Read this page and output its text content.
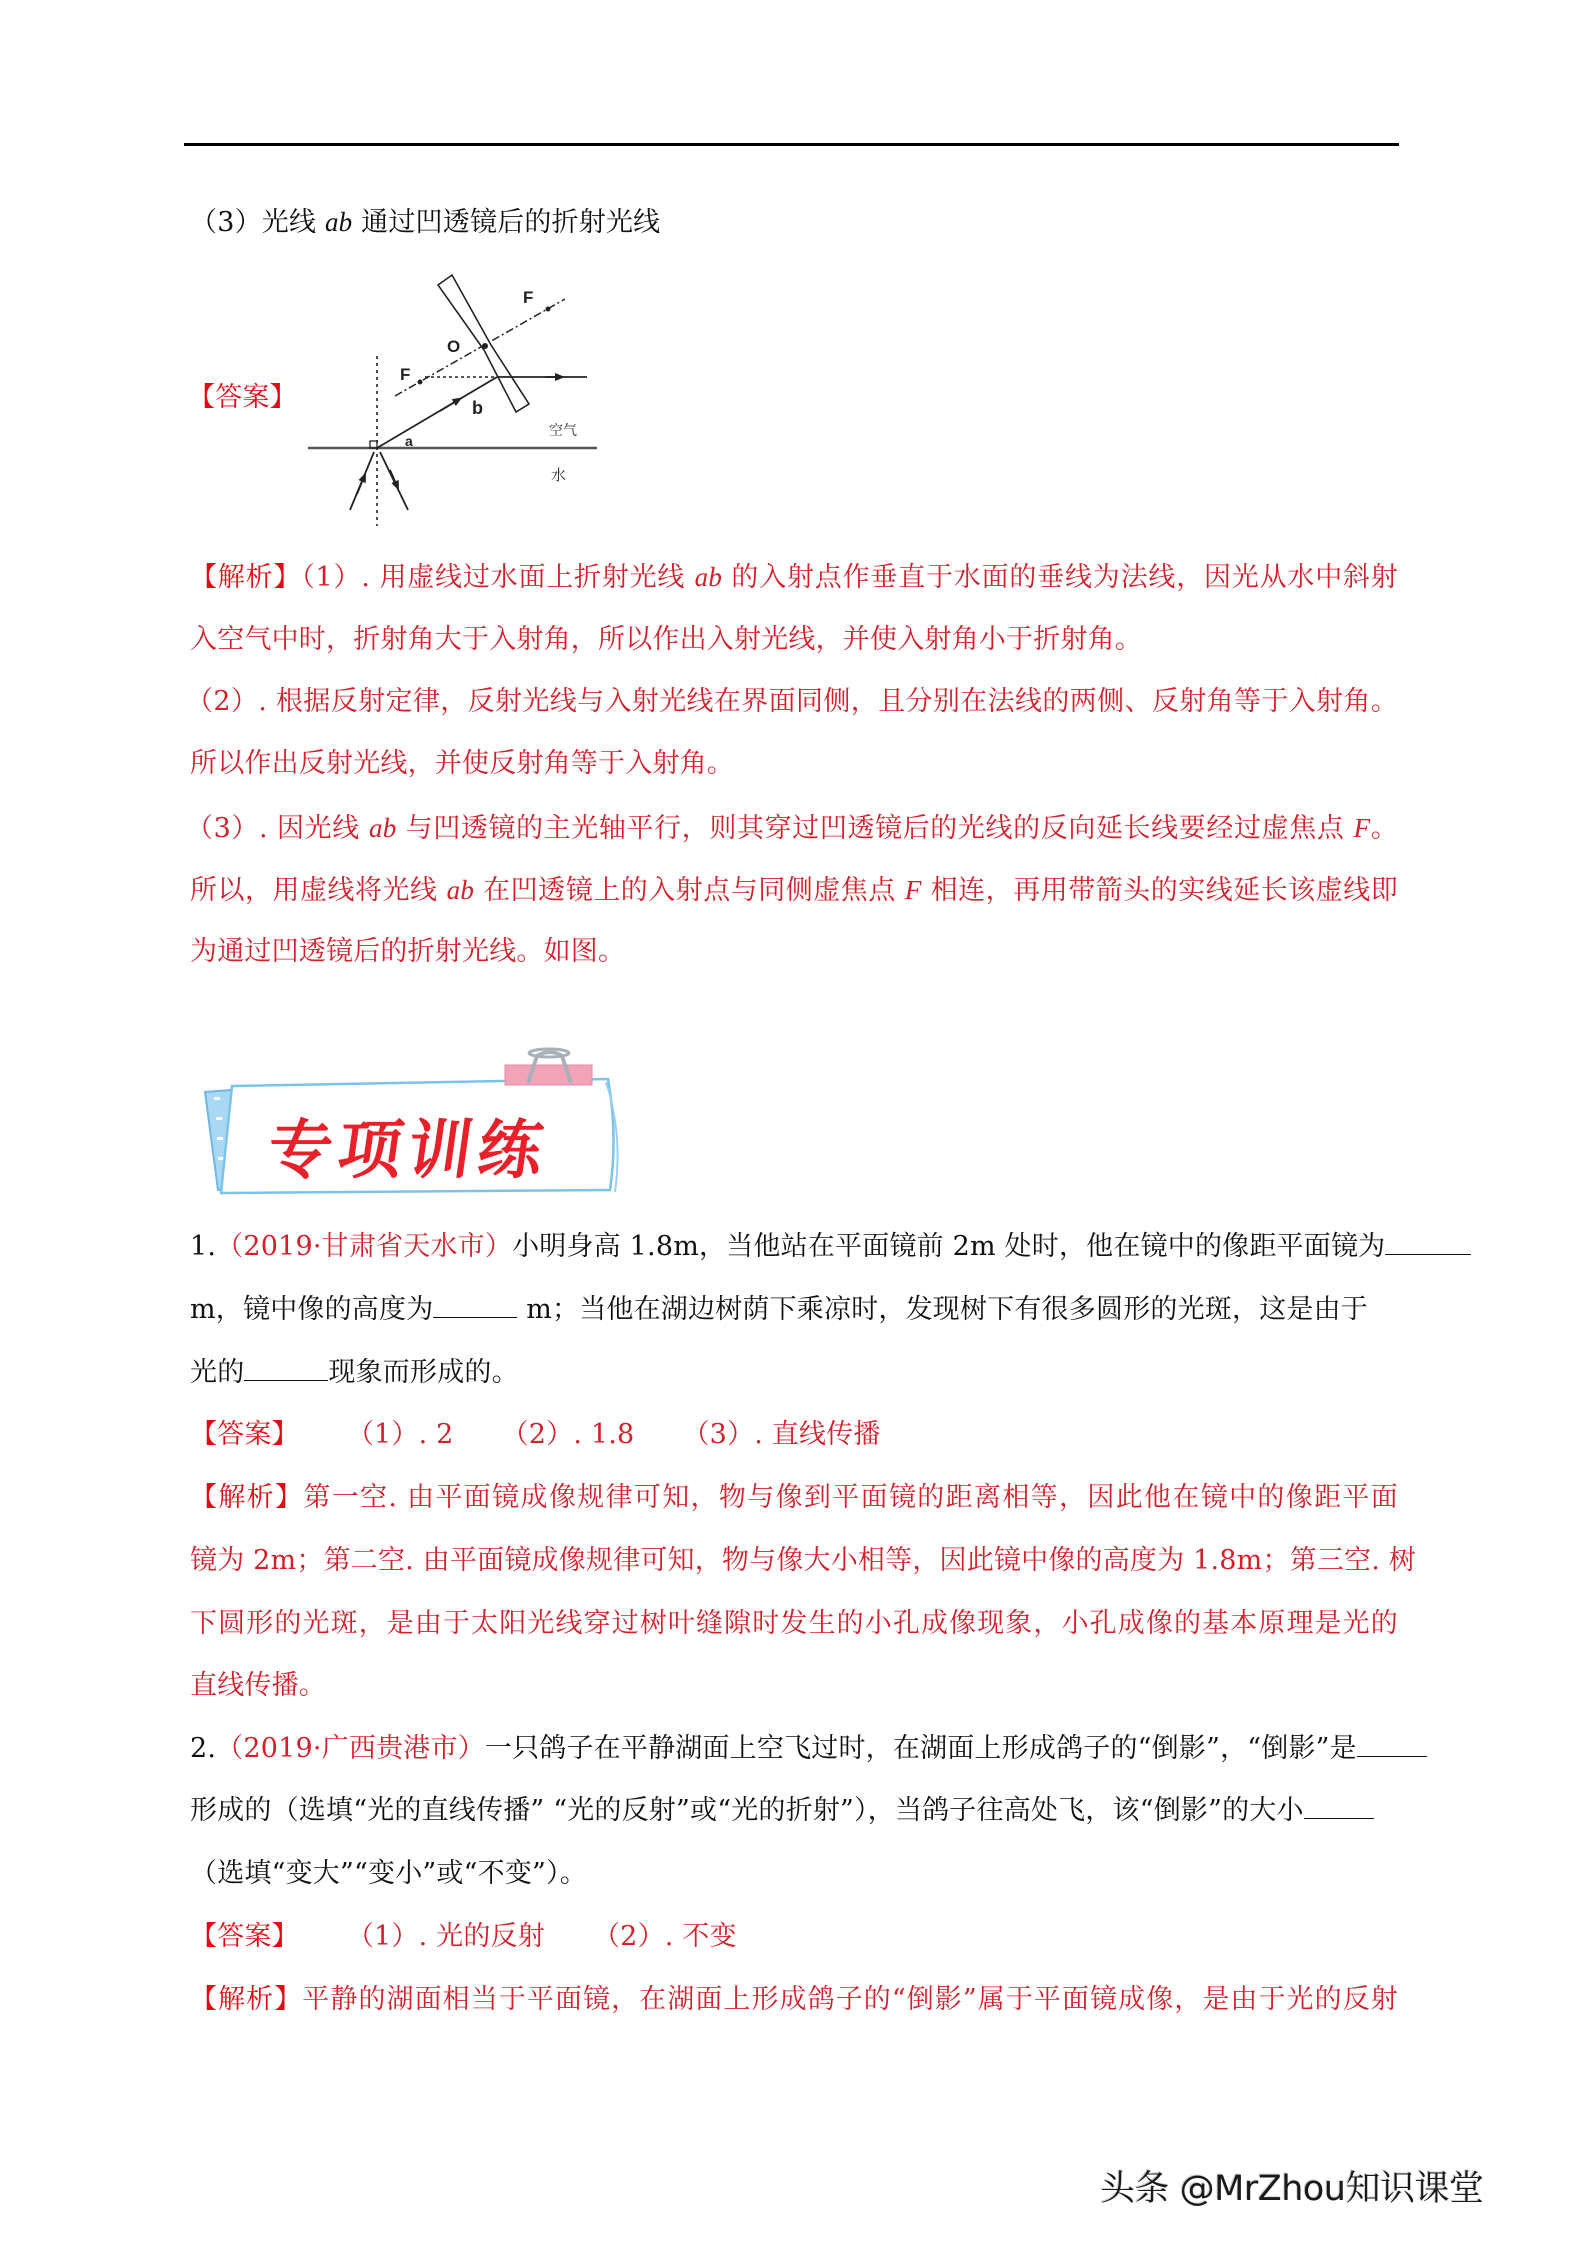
（3）光线 ab 通过凹透镜后的折射光线
【答案】
F
F
O
b
a
空气
水
【解析】（1）. 用虚线过水面上折射光线 ab 的入射点作垂直于水面的垂线为法线，因光从水中斜射
入空气中时，折射角大于入射角，所以作出入射光线，并使入射角小于折射角。
（2）. 根据反射定律，反射光线与入射光线在界面同侧，且分别在法线的两侧、反射角等于入射角。
所以作出反射光线，并使反射角等于入射角。
（3）. 因光线 ab 与凹透镜的主光轴平行，则其穿过凹透镜后的光线的反向延长线要经过虚焦点 F。
所以，用虚线将光线 ab 在凹透镜上的入射点与同侧虚焦点 F 相连，再用带箭头的实线延长该虚线即
为通过凹透镜后的折射光线。如图。
专项训练
1.（2019·甘肃省天水市）小明身高 1.8m，当他站在平面镜前 2m 处时，他在镜中的像距平面镜为
m，镜中像的高度为	m；当他在湖边树荫下乘凉时，发现树下有很多圆形的光斑，这是由于
光的	现象而形成的。
【答案】 （1）. 2 （2）. 1.8 （3）. 直线传播
【解析】第一空. 由平面镜成像规律可知，物与像到平面镜的距离相等，因此他在镜中的像距平面
镜为 2m；第二空. 由平面镜成像规律可知，物与像大小相等，因此镜中像的高度为 1.8m；第三空. 树
下圆形的光斑，是由于太阳光线穿过树叶缝隙时发生的小孔成像现象，小孔成像的基本原理是光的
直线传播。
2.（2019·广西贵港市）一只鸽子在平静湖面上空飞过时，在湖面上形成鸽子的“倒影”，“倒影”是
形成的（选填“光的直线传播” “光的反射”或“光的折射”），当鸽子往高处飞，该“倒影”的大小
（选填“变大”“变小”或“不变”）。
【答案】 （1）. 光的反射 （2）. 不变
【解析】平静的湖面相当于平面镜，在湖面上形成鸽子的“倒影”属于平面镜成像，是由于光的反射
头条 @MrZhou知识课堂
